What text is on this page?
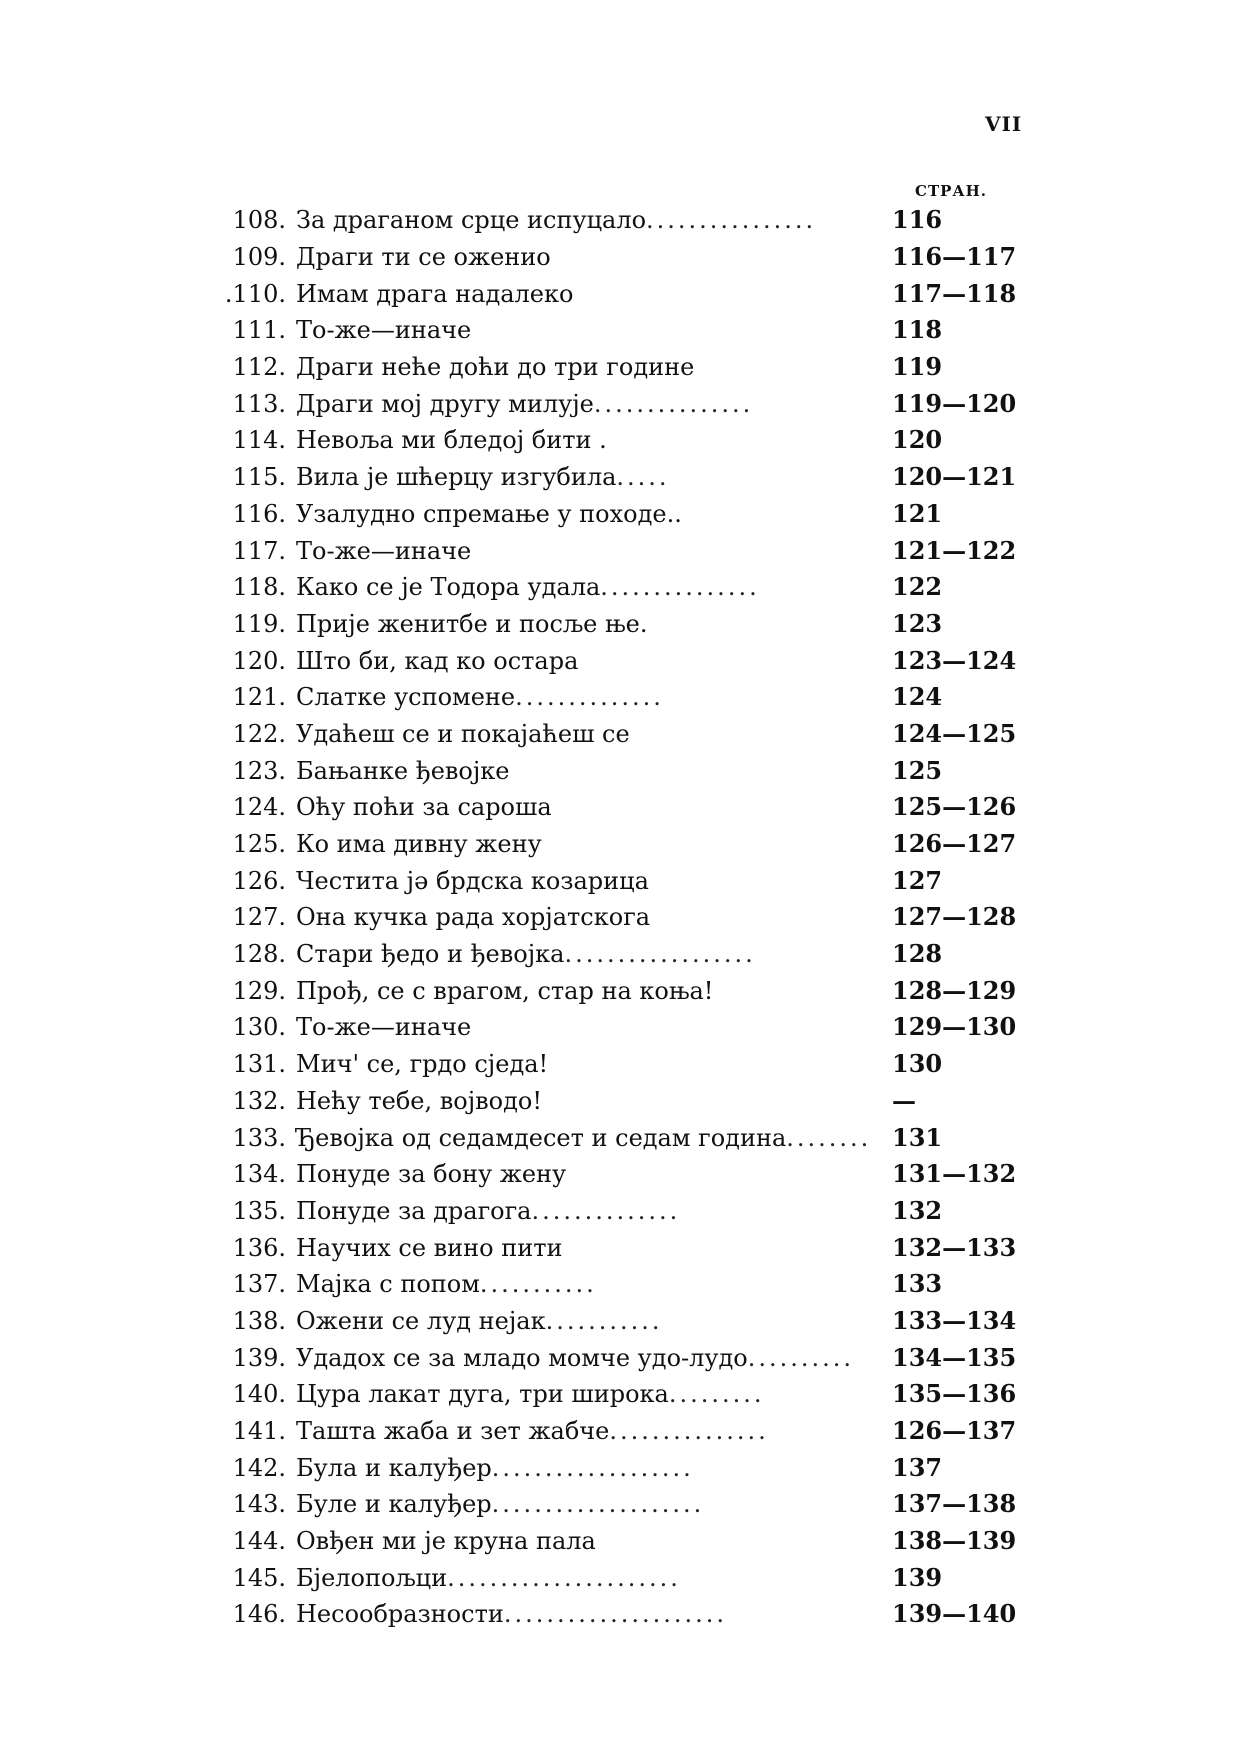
VII
СТРАН.
108. За драганом срце испуцало ................	116
109. Драги ти се оженио	116—117
.110. Имам драга надалеко	117—118
111. То-же—иначе	118
112. Драги неће доћи до три године	119
113. Драги мој другу милује ...............	119—120
114. Невоља ми бледој бити .	120
115. Вила је шћерцу изгубила .....	120—121
116. Узалудно спремање у походе..	121
117. То-же—иначе	121—122
118. Како се је Тодора удала ...............	122
119. Прије женитбе и посље ње.	123
120. Што би, кад ко остара	123—124
121. Слатке успомене ..............	124
122. Удаћеш се и покајаћеш се	124—125
123. Бањанке ђевојке	125
124. Оћу поћи за сароша	125—126
125. Ко има дивну жену	126—127
126. Честита јә брдска козарица	127
127. Она кучка рада хорјатскога	127—128
128. Стари ђедо и ђевојка ..................	128
129. Прођ, се с врагом, стар на коња!	128—129
130. То-же—иначе	129—130
131. Мич' се, грдо сједа!	130
132. Нећу тебе, војводо!	—
133. Ђевојка од седамдесет и седам година ........ 131
134. Понуде за бону жену	131—132
135. Понуде за драгога ..............	132
136. Научих се вино пити	132—133
137. Мајка с попом ...........	133
138. Ожени се луд нејак ...........	133—134
139. Удадох се за младо момче удо-лудо ..........	134—135
140. Цура лакат дуга, три широка .........	135—136
141. Ташта жаба и зет жабче ...............	126—137
142. Була и калуђер ...................	137
143. Буле и калуђер ....................	137—138
144. Овђен ми је круна пала	138—139
145. Бјелопољци ......................	139
146. Несообразности .....................	139—140
